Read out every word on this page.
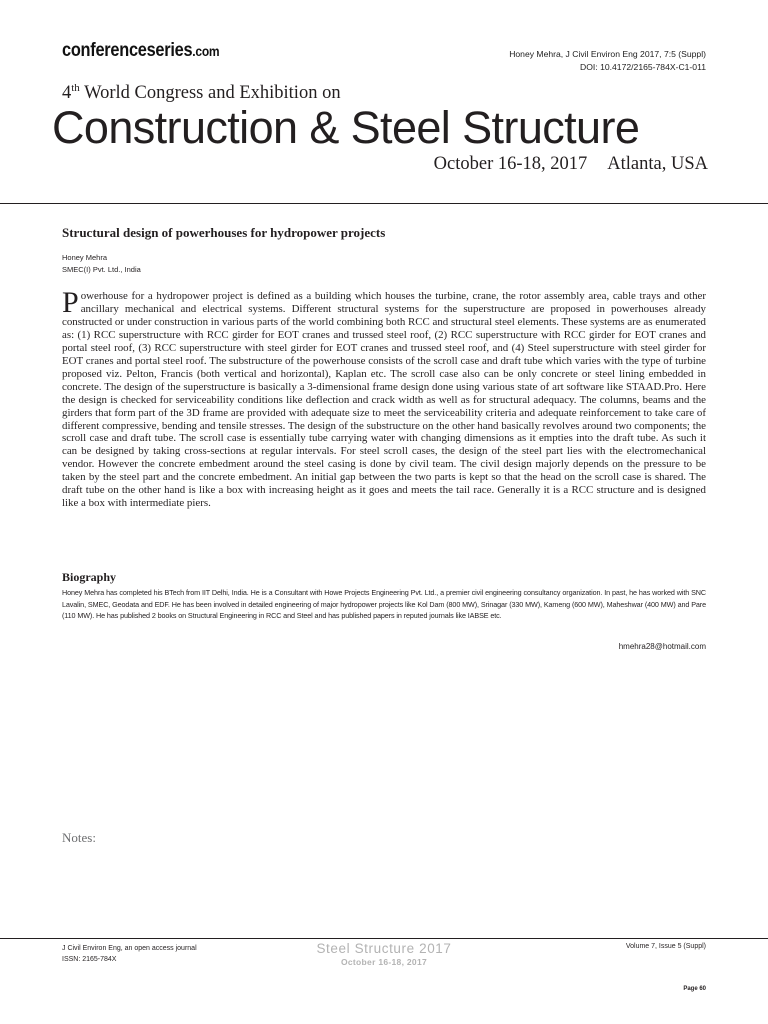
conferenceseries.com	Honey Mehra, J Civil Environ Eng 2017, 7:5 (Suppl)
DOI: 10.4172/2165-784X-C1-011
4th World Congress and Exhibition on
Construction & Steel Structure
October 16-18, 2017 Atlanta, USA
Structural design of powerhouses for hydropower projects
Honey Mehra
SMEC(I) Pvt. Ltd., India
Powerhouse for a hydropower project is defined as a building which houses the turbine, crane, the rotor assembly area, cable trays and other ancillary mechanical and electrical systems. Different structural systems for the superstructure are proposed in powerhouses already constructed or under construction in various parts of the world combining both RCC and structural steel elements. These systems are as enumerated as: (1) RCC superstructure with RCC girder for EOT cranes and trussed steel roof, (2) RCC superstructure with RCC girder for EOT cranes and portal steel roof, (3) RCC superstructure with steel girder for EOT cranes and trussed steel roof, and (4) Steel superstructure with steel girder for EOT cranes and portal steel roof. The substructure of the powerhouse consists of the scroll case and draft tube which varies with the type of turbine proposed viz. Pelton, Francis (both vertical and horizontal), Kaplan etc. The scroll case also can be only concrete or steel lining embedded in concrete. The design of the superstructure is basically a 3-dimensional frame design done using various state of art software like STAAD.Pro. Here the design is checked for serviceability conditions like deflection and crack width as well as for structural adequacy. The columns, beams and the girders that form part of the 3D frame are provided with adequate size to meet the serviceability criteria and adequate reinforcement to take care of different compressive, bending and tensile stresses. The design of the substructure on the other hand basically revolves around two components; the scroll case and draft tube. The scroll case is essentially tube carrying water with changing dimensions as it empties into the draft tube. As such it can be designed by taking cross-sections at regular intervals. For steel scroll cases, the design of the steel part lies with the electromechanical vendor. However the concrete embedment around the steel casing is done by civil team. The civil design majorly depends on the pressure to be taken by the steel part and the concrete embedment. An initial gap between the two parts is kept so that the head on the scroll case is shared. The draft tube on the other hand is like a box with increasing height as it goes and meets the tail race. Generally it is a RCC structure and is designed like a box with intermediate piers.
Biography
Honey Mehra has completed his BTech from IIT Delhi, India. He is a Consultant with Howe Projects Engineering Pvt. Ltd., a premier civil engineering consultancy organization. In past, he has worked with SNC Lavalin, SMEC, Geodata and EDF. He has been involved in detailed engineering of major hydropower projects like Kol Dam (800 MW), Srinagar (330 MW), Kameng (600 MW), Maheshwar (400 MW) and Pare (110 MW). He has published 2 books on Structural Engineering in RCC and Steel and has published papers in reputed journals like IABSE etc.
hmehra28@hotmail.com
Notes:
J Civil Environ Eng, an open access journal
ISSN: 2165-784X
Steel Structure 2017
October 16-18, 2017
Volume 7, Issue 5 (Suppl)
Page 60
